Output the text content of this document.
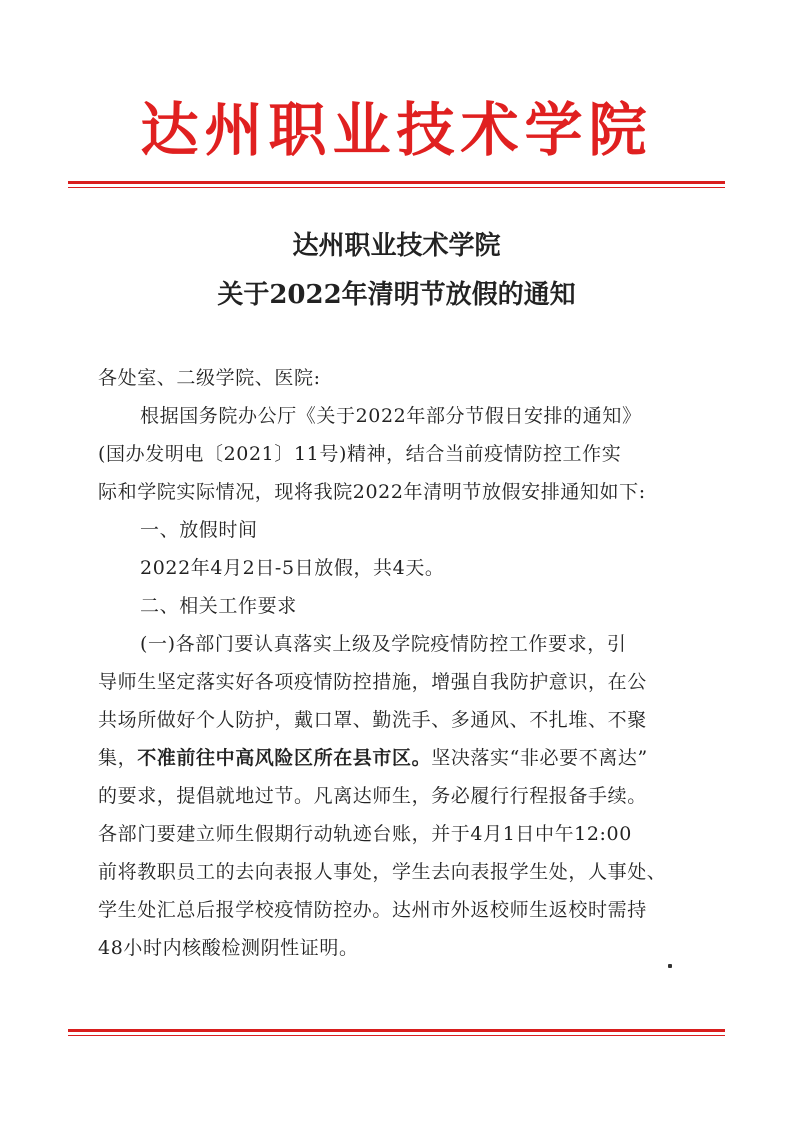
达州职业技术学院
达州职业技术学院
关于2022年清明节放假的通知

各处室、二级学院、医院:

根据国务院办公厅《关于2022年部分节假日安排的通知》

(国办发明电〔2021〕11号)精神，结合当前疫情防控工作实

际和学院实际情况，现将我院2022年清明节放假安排通知如下:

一、放假时间

2022年4月2日-5日放假，共4天。

二、相关工作要求

(一)各部门要认真落实上级及学院疫情防控工作要求，引

导师生坚定落实好各项疫情防控措施，增强自我防护意识，在公

共场所做好个人防护，戴口罩、勤洗手、多通风、不扎堆、不聚

集，不准前往中高风险区所在县市区。坚决落实“非必要不离达”

的要求，提倡就地过节。凡离达师生，务必履行行程报备手续。

各部门要建立师生假期行动轨迹台账，并于4月1日中午12:00

前将教职员工的去向表报人事处，学生去向表报学生处，人事处、

学生处汇总后报学校疫情防控办。达州市外返校师生返校时需持

48小时内核酸检测阴性证明。
